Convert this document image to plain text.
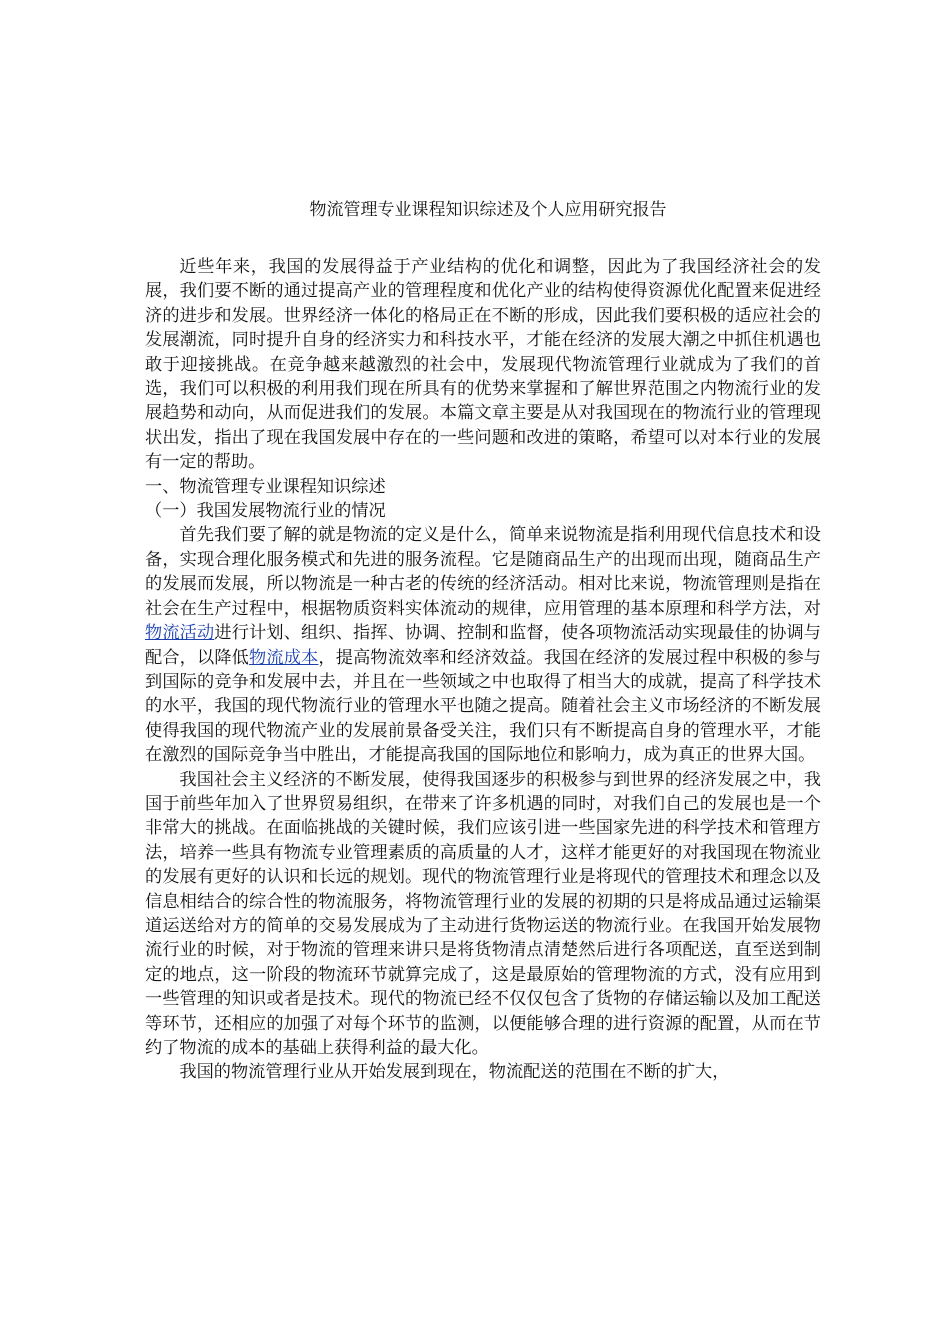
物流管理专业课程知识综述及个人应用研究报告

近些年来，我国的发展得益于产业结构的优化和调整，因此为了我国经济社会的发展，我们要不断的通过提高产业的管理程度和优化产业的结构使得资源优化配置来促进经济的进步和发展。世界经济一体化的格局正在不断的形成，因此我们要积极的适应社会的发展潮流，同时提升自身的经济实力和科技水平，才能在经济的发展大潮之中抓住机遇也敢于迎接挑战。在竞争越来越激烈的社会中，发展现代物流管理行业就成为了我们的首选，我们可以积极的利用我们现在所具有的优势来掌握和了解世界范围之内物流行业的发展趋势和动向，从而促进我们的发展。本篇文章主要是从对我国现在的物流行业的管理现状出发，指出了现在我国发展中存在的一些问题和改进的策略，希望可以对本行业的发展有一定的帮助。

一、物流管理专业课程知识综述

（一）我国发展物流行业的情况

首先我们要了解的就是物流的定义是什么，简单来说物流是指利用现代信息技术和设备，实现合理化服务模式和先进的服务流程。它是随商品生产的出现而出现，随商品生产的发展而发展，所以物流是一种古老的传统的经济活动。相对比来说，物流管理则是指在社会在生产过程中，根据物质资料实体流动的规律，应用管理的基本原理和科学方法，对物流活动进行计划、组织、指挥、协调、控制和监督，使各项物流活动实现最佳的协调与配合，以降低物流成本，提高物流效率和经济效益。我国在经济的发展过程中积极的参与到国际的竞争和发展中去，并且在一些领域之中也取得了相当大的成就，提高了科学技术的水平，我国的现代物流行业的管理水平也随之提高。随着社会主义市场经济的不断发展使得我国的现代物流产业的发展前景备受关注，我们只有不断提高自身的管理水平，才能在激烈的国际竞争当中胜出，才能提高我国的国际地位和影响力，成为真正的世界大国。

我国社会主义经济的不断发展，使得我国逐步的积极参与到世界的经济发展之中，我国于前些年加入了世界贸易组织，在带来了许多机遇的同时，对我们自己的发展也是一个非常大的挑战。在面临挑战的关键时候，我们应该引进一些国家先进的科学技术和管理方法，培养一些具有物流专业管理素质的高质量的人才，这样才能更好的对我国现在物流业的发展有更好的认识和长远的规划。现代的物流管理行业是将现代的管理技术和理念以及信息相结合的综合性的物流服务，将物流管理行业的发展的初期的只是将成品通过运输渠道运送给对方的简单的交易发展成为了主动进行货物运送的物流行业。在我国开始发展物流行业的时候，对于物流的管理来讲只是将货物清点清楚然后进行各项配送，直至送到制定的地点，这一阶段的物流环节就算完成了，这是最原始的管理物流的方式，没有应用到一些管理的知识或者是技术。现代的物流已经不仅仅包含了货物的存储运输以及加工配送等环节，还相应的加强了对每个环节的监测，以便能够合理的进行资源的配置，从而在节约了物流的成本的基础上获得利益的最大化。

我国的物流管理行业从开始发展到现在，物流配送的范围在不断的扩大，
